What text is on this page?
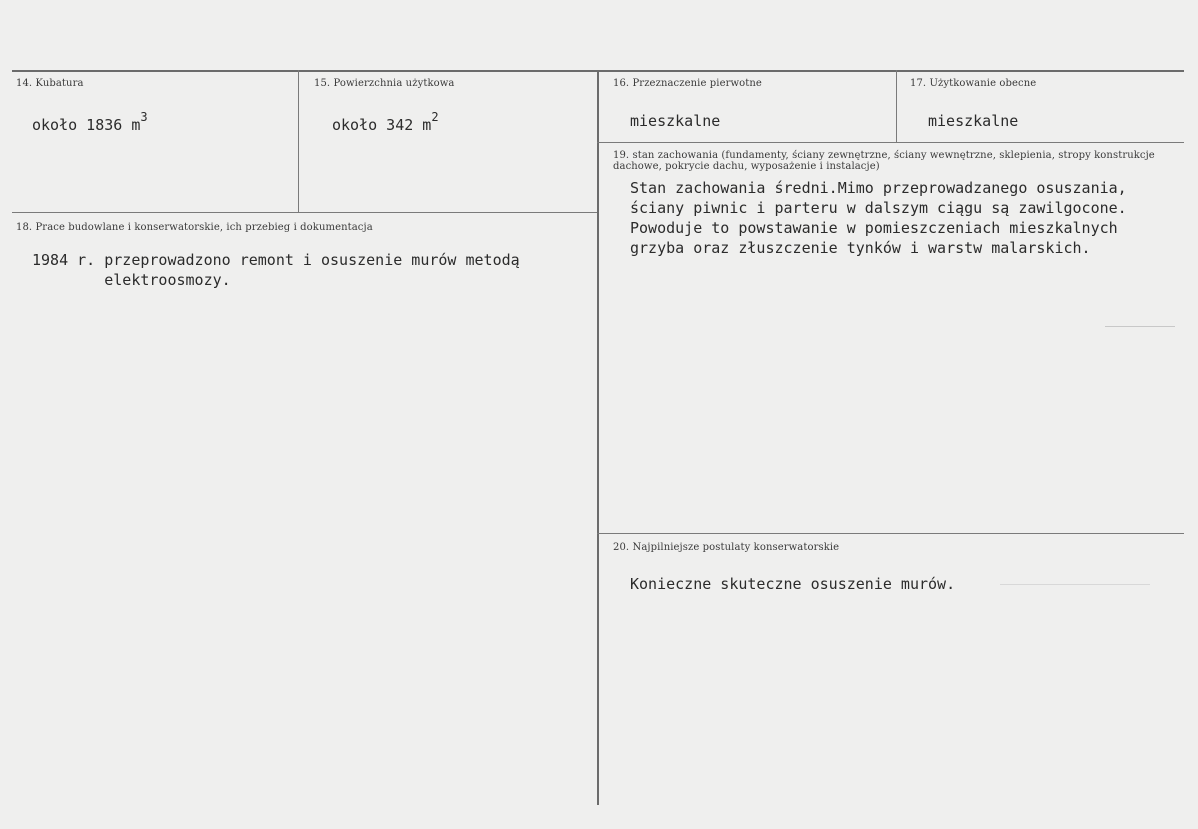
14. Kubatura
około 1836 $m^3$
15. Powierzchnia użytkowa
około 342 $m^2$
16. Przeznaczenie pierwotne
mieszkalne
17. Użytkowanie obecne
mieszkalne
18. Prace budowlane i konserwatorskie, ich przebieg i dokumentacja
1984 r. przeprowadzono remont i osuszenie murów metodą
elektroosmozy.
19. stan zachowania (fundamenty, ściany zewnętrzne, ściany wewnętrzne, sklepienia, stropy konstrukcje dachowe, pokrycie dachu, wyposażenie i instalacje)
Stan zachowania średni.Mimo przeprowadzanego osuszania,
ściany piwnic i parteru w dalszym ciągu są zawilgocone.
Powoduje to powstawanie w pomieszczeniach mieszkalnych
grzyba oraz złuszczenie tynków i warstw malarskich.
20. Najpilniejsze postulaty konserwatorskie
Konieczne skuteczne osuszenie murów.
